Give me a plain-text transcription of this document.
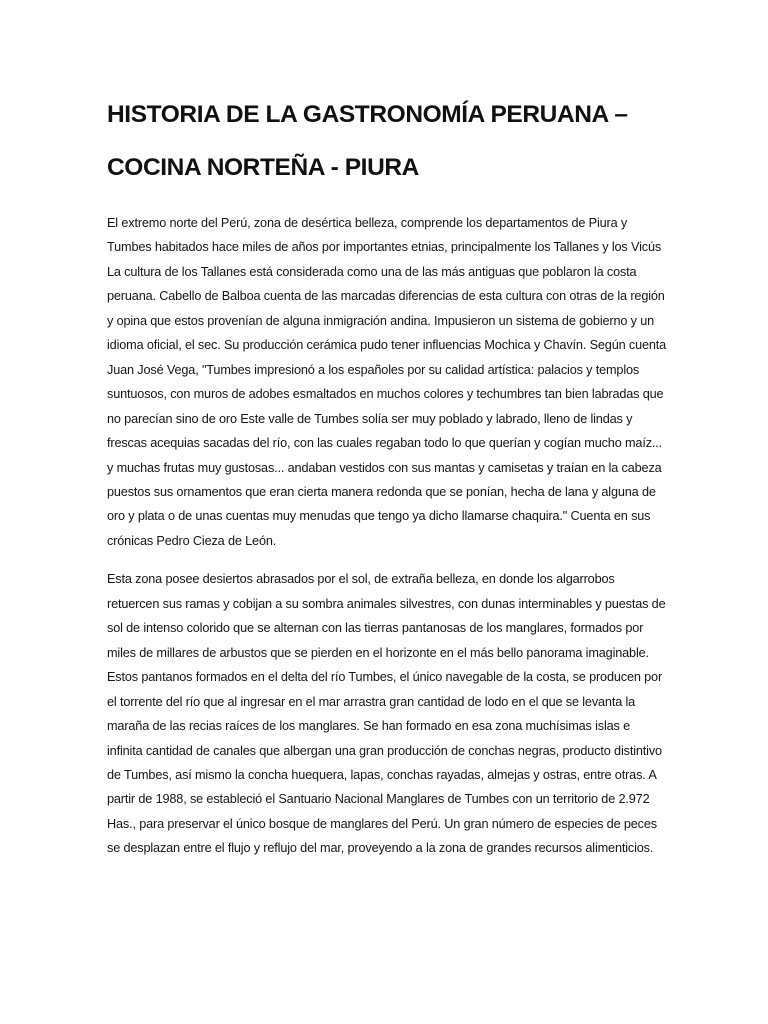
HISTORIA DE LA GASTRONOMÍA PERUANA –
COCINA NORTEÑA - PIURA

El extremo norte del Perú, zona de desértica belleza, comprende los departamentos de Piura y Tumbes habitados hace miles de años por importantes etnias, principalmente los Tallanes y los Vicús La cultura de los Tallanes está considerada como una de las más antiguas que poblaron la costa peruana. Cabello de Balboa cuenta de las marcadas diferencias de esta cultura con otras de la región y opina que estos provenían de alguna inmigración andina. Impusieron un sistema de gobierno y un idioma oficial, el sec. Su producción cerámica pudo tener influencias Mochica y Chavín. Según cuenta Juan José Vega, "Tumbes impresionó a los españoles por su calidad artística: palacios y templos suntuosos, con muros de adobes esmaltados en muchos colores y techumbres tan bien labradas que no parecían sino de oro Este valle de Tumbes solía ser muy poblado y labrado, lleno de lindas y frescas acequias sacadas del río, con las cuales regaban todo lo que querían y cogían mucho maíz... y muchas frutas muy gustosas... andaban vestidos con sus mantas y camisetas y traían en la cabeza puestos sus ornamentos que eran cierta manera redonda que se ponían, hecha de lana y alguna de oro y plata o de unas cuentas muy menudas que tengo ya dicho llamarse chaquira." Cuenta en sus crónicas Pedro Cieza de León.

Esta zona posee desiertos abrasados por el sol, de extraña belleza, en donde los algarrobos retuercen sus ramas y cobijan a su sombra animales silvestres, con dunas interminables y puestas de sol de intenso colorido que se alternan con las tierras pantanosas de los manglares, formados por miles de millares de arbustos que se pierden en el horizonte en el más bello panorama imaginable. Estos pantanos formados en el delta del río Tumbes, el único navegable de la costa, se producen por el torrente del río que al ingresar en el mar arrastra gran cantidad de lodo en el que se levanta la maraña de las recias raíces de los manglares. Se han formado en esa zona muchísimas islas e infinita cantidad de canales que albergan una gran producción de conchas negras, producto distintivo de Tumbes, así mismo la concha huequera, lapas, conchas rayadas, almejas y ostras, entre otras. A partir de 1988, se estableció el Santuario Nacional Manglares de Tumbes con un territorio de 2.972 Has., para preservar el único bosque de manglares del Perú. Un gran número de especies de peces se desplazan entre el flujo y reflujo del mar, proveyendo a la zona de grandes recursos alimenticios.
